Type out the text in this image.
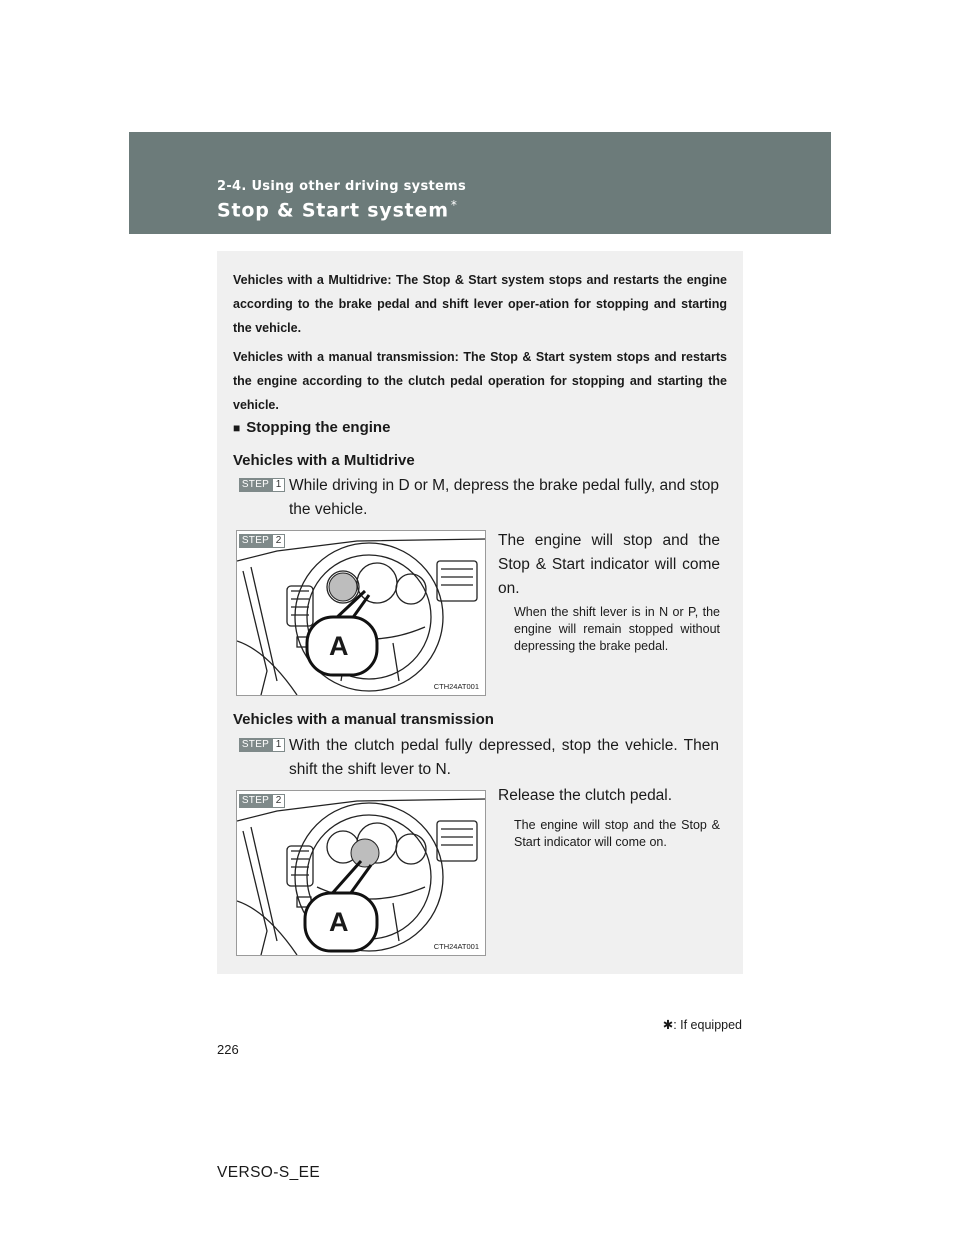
2-4. Using other driving systems
Stop & Start system *

Vehicles with a Multidrive: The Stop & Start system stops and restarts the engine according to the brake pedal and shift lever oper-ation for stopping and starting the vehicle.

Vehicles with a manual transmission: The Stop & Start system stops and restarts the engine according to the clutch pedal operation for stopping and starting the vehicle.

■ Stopping the engine
Vehicles with a Multidrive
STEP 1 While driving in D or M, depress the brake pedal fully, and stop the vehicle.

A
STEP 2
CTH24AT001

The engine will stop and the Stop & Start indicator will come on.

When the shift lever is in N or P, the engine will remain stopped without depressing the brake pedal.

Vehicles with a manual transmission
STEP 1 With the clutch pedal fully depressed, stop the vehicle. Then shift the shift lever to N.

A
STEP 2
CTH24AT001

Release the clutch pedal.

The engine will stop and the Stop & Start indicator will come on.

✱: If equipped
226
VERSO-S_EE
